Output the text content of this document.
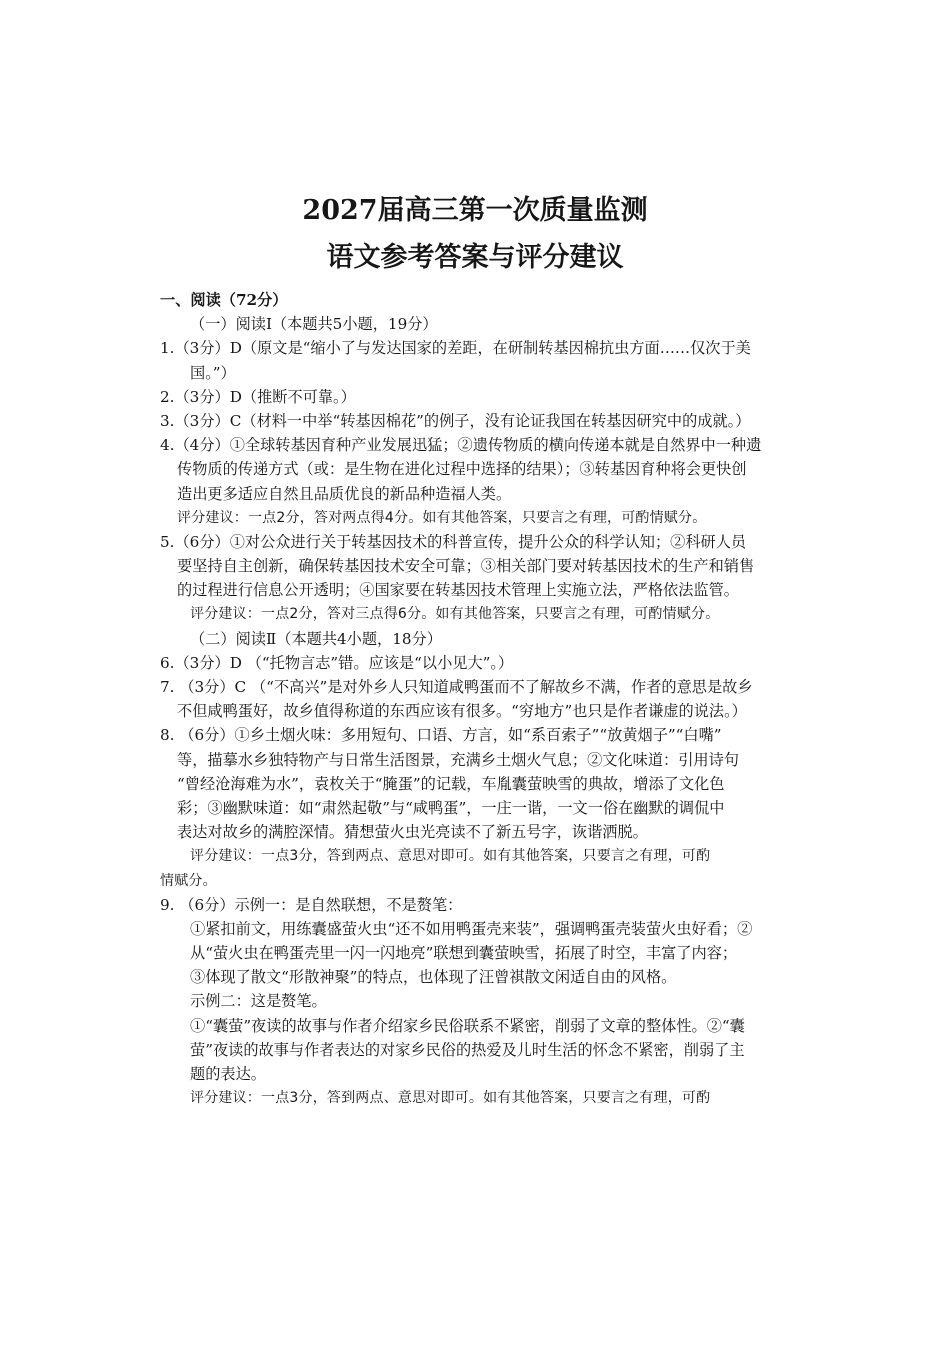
2027届高三第一次质量监测
语文参考答案与评分建议
一、阅读（72分）
（一）阅读Ⅰ（本题共5小题，19分）
1.（3分）D（原文是“缩小了与发达国家的差距，在研制转基因棉抗虫方面……仅次于美
国。”）
2.（3分）D（推断不可靠。）
3.（3分）C（材料一中举“转基因棉花”的例子，没有论证我国在转基因研究中的成就。）
4.（4分）①全球转基因育种产业发展迅猛；②遗传物质的横向传递本就是自然界中一种遗
传物质的传递方式（或：是生物在进化过程中选择的结果）；③转基因育种将会更快创
造出更多适应自然且品质优良的新品种造福人类。
评分建议：一点2分，答对两点得4分。如有其他答案，只要言之有理，可酌情赋分。
5.（6分）①对公众进行关于转基因技术的科普宣传，提升公众的科学认知；②科研人员
要坚持自主创新，确保转基因技术安全可靠；③相关部门要对转基因技术的生产和销售
的过程进行信息公开透明；④国家要在转基因技术管理上实施立法，严格依法监管。
评分建议：一点2分，答对三点得6分。如有其他答案，只要言之有理，可酌情赋分。
（二）阅读Ⅱ（本题共4小题，18分）
6.（3分）D （“托物言志”错。应该是“以小见大”。）
7. （3分）C （“不高兴”是对外乡人只知道咸鸭蛋而不了解故乡不满，作者的意思是故乡
不但咸鸭蛋好，故乡值得称道的东西应该有很多。“穷地方”也只是作者谦虚的说法。）
8. （6分）①乡土烟火味：多用短句、口语、方言，如“系百索子”“放黄烟子”“白嘴”
等，描摹水乡独特物产与日常生活图景，充满乡土烟火气息；②文化味道：引用诗句
“曾经沧海难为水”，袁枚关于“腌蛋”的记载，车胤囊萤映雪的典故，增添了文化色
彩；③幽默味道：如“肃然起敬”与“咸鸭蛋”，一庄一谐，一文一俗在幽默的调侃中
表达对故乡的满腔深情。猜想萤火虫光亮读不了新五号字，诙谐洒脱。
评分建议：一点3分，答到两点、意思对即可。如有其他答案，只要言之有理，可酌
情赋分。
9. （6分）示例一：是自然联想，不是赘笔：
①紧扣前文，用练囊盛萤火虫“还不如用鸭蛋壳来装”，强调鸭蛋壳装萤火虫好看；②
从“萤火虫在鸭蛋壳里一闪一闪地亮”联想到囊萤映雪，拓展了时空，丰富了内容；
③体现了散文“形散神聚”的特点，也体现了汪曾祺散文闲适自由的风格。
示例二：这是赘笔。
①“囊萤”夜读的故事与作者介绍家乡民俗联系不紧密，削弱了文章的整体性。②“囊
萤”夜读的故事与作者表达的对家乡民俗的热爱及儿时生活的怀念不紧密，削弱了主
题的表达。
评分建议：一点3分，答到两点、意思对即可。如有其他答案，只要言之有理，可酌
